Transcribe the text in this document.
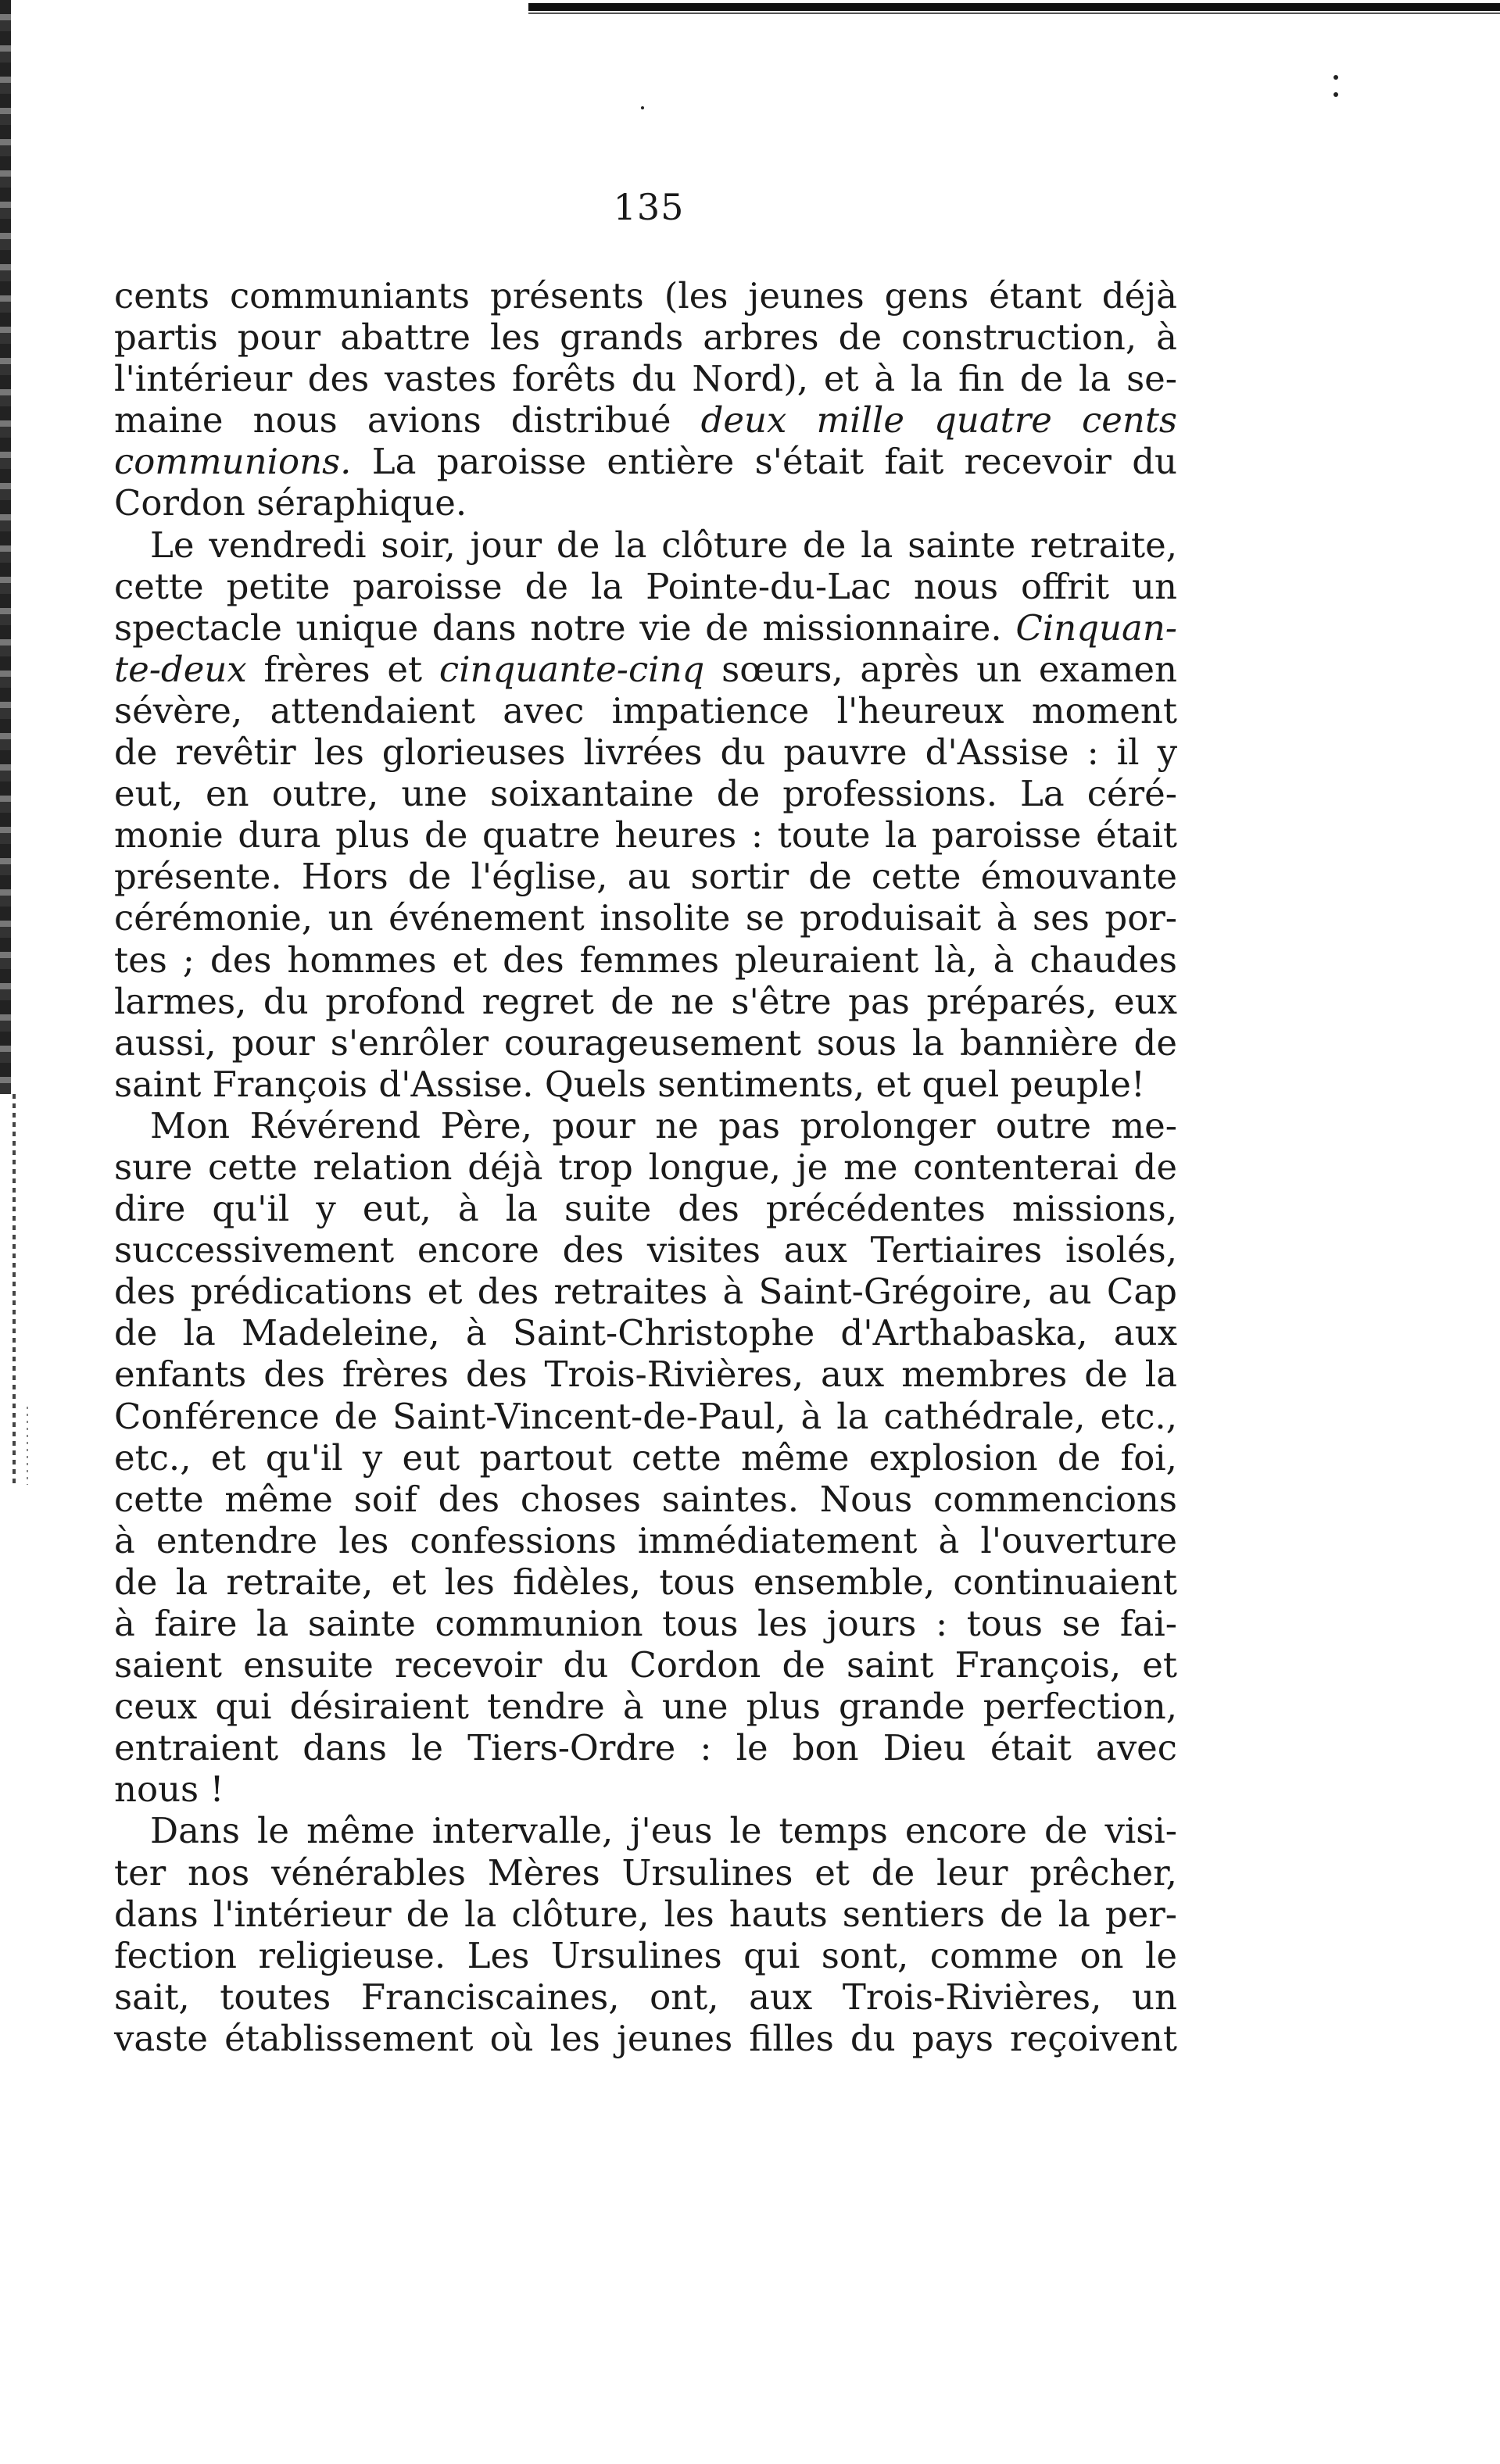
135
cents communiants présents (les jeunes gens étant déjà
partis pour abattre les grands arbres de construction, à
l'intérieur des vastes forêts du Nord), et à la fin de la se-
maine nous avions distribué deux mille quatre cents
communions. La paroisse entière s'était fait recevoir du
Cordon séraphique.
Le vendredi soir, jour de la clôture de la sainte retraite,
cette petite paroisse de la Pointe-du-Lac nous offrit un
spectacle unique dans notre vie de missionnaire. Cinquan-
te-deux frères et cinquante-cinq sœurs, après un examen
sévère, attendaient avec impatience l'heureux moment
de revêtir les glorieuses livrées du pauvre d'Assise : il y
eut, en outre, une soixantaine de professions. La céré-
monie dura plus de quatre heures : toute la paroisse était
présente. Hors de l'église, au sortir de cette émouvante
cérémonie, un événement insolite se produisait à ses por-
tes ; des hommes et des femmes pleuraient là, à chaudes
larmes, du profond regret de ne s'être pas préparés, eux
aussi, pour s'enrôler courageusement sous la bannière de
saint François d'Assise. Quels sentiments, et quel peuple!
Mon Révérend Père, pour ne pas prolonger outre me-
sure cette relation déjà trop longue, je me contenterai de
dire qu'il y eut, à la suite des précédentes missions,
successivement encore des visites aux Tertiaires isolés,
des prédications et des retraites à Saint-Grégoire, au Cap
de la Madeleine, à Saint-Christophe d'Arthabaska, aux
enfants des frères des Trois-Rivières, aux membres de la
Conférence de Saint-Vincent-de-Paul, à la cathédrale, etc.,
etc., et qu'il y eut partout cette même explosion de foi,
cette même soif des choses saintes. Nous commencions
à entendre les confessions immédiatement à l'ouverture
de la retraite, et les fidèles, tous ensemble, continuaient
à faire la sainte communion tous les jours : tous se fai-
saient ensuite recevoir du Cordon de saint François, et
ceux qui désiraient tendre à une plus grande perfection,
entraient dans le Tiers-Ordre : le bon Dieu était avec
nous !
Dans le même intervalle, j'eus le temps encore de visi-
ter nos vénérables Mères Ursulines et de leur prêcher,
dans l'intérieur de la clôture, les hauts sentiers de la per-
fection religieuse. Les Ursulines qui sont, comme on le
sait, toutes Franciscaines, ont, aux Trois-Rivières, un
vaste établissement où les jeunes filles du pays reçoivent
